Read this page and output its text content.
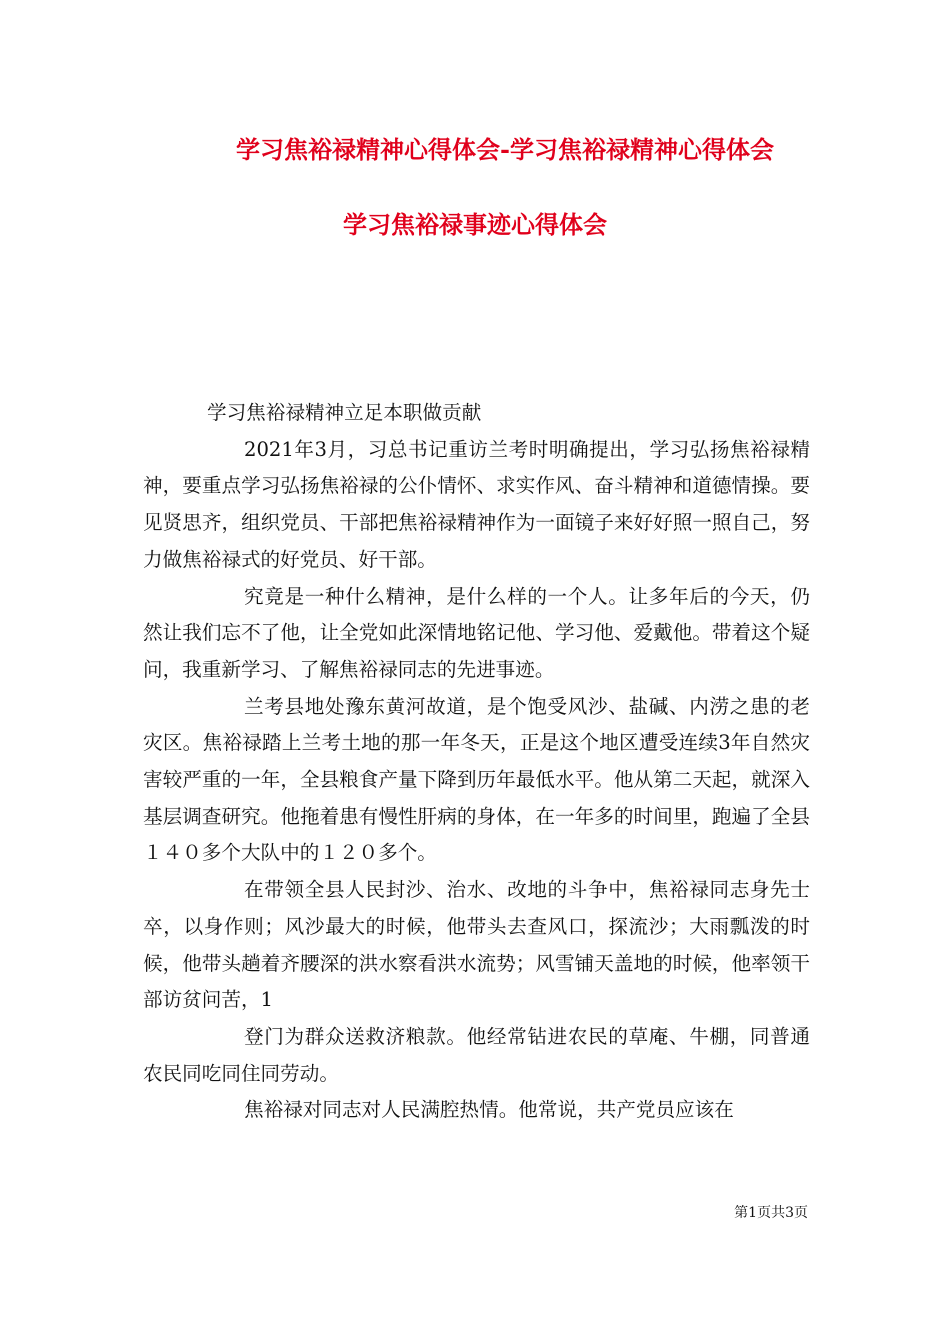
学习焦裕禄精神心得体会-学习焦裕禄精神心得体会
学习焦裕禄事迹心得体会

学习焦裕禄精神立足本职做贡献

2021年3月，习总书记重访兰考时明确提出，学习弘扬焦裕禄精神，要重点学习弘扬焦裕禄的公仆情怀、求实作风、奋斗精神和道德情操。要见贤思齐，组织党员、干部把焦裕禄精神作为一面镜子来好好照一照自己，努力做焦裕禄式的好党员、好干部。

究竟是一种什么精神，是什么样的一个人。让多年后的今天，仍然让我们忘不了他，让全党如此深情地铭记他、学习他、爱戴他。带着这个疑问，我重新学习、了解焦裕禄同志的先进事迹。

兰考县地处豫东黄河故道，是个饱受风沙、盐碱、内涝之患的老灾区。焦裕禄踏上兰考土地的那一年冬天，正是这个地区遭受连续3年自然灾害较严重的一年，全县粮食产量下降到历年最低水平。他从第二天起，就深入基层调查研究。他拖着患有慢性肝病的身体，在一年多的时间里，跑遍了全县１４０多个大队中的１２０多个。

在带领全县人民封沙、治水、改地的斗争中，焦裕禄同志身先士卒，以身作则；风沙最大的时候，他带头去查风口，探流沙；大雨瓢泼的时候，他带头趟着齐腰深的洪水察看洪水流势；风雪铺天盖地的时候，他率领干部访贫问苦，1

登门为群众送救济粮款。他经常钻进农民的草庵、牛棚，同普通农民同吃同住同劳动。

焦裕禄对同志对人民满腔热情。他常说，共产党员应该在

第1页共3页
